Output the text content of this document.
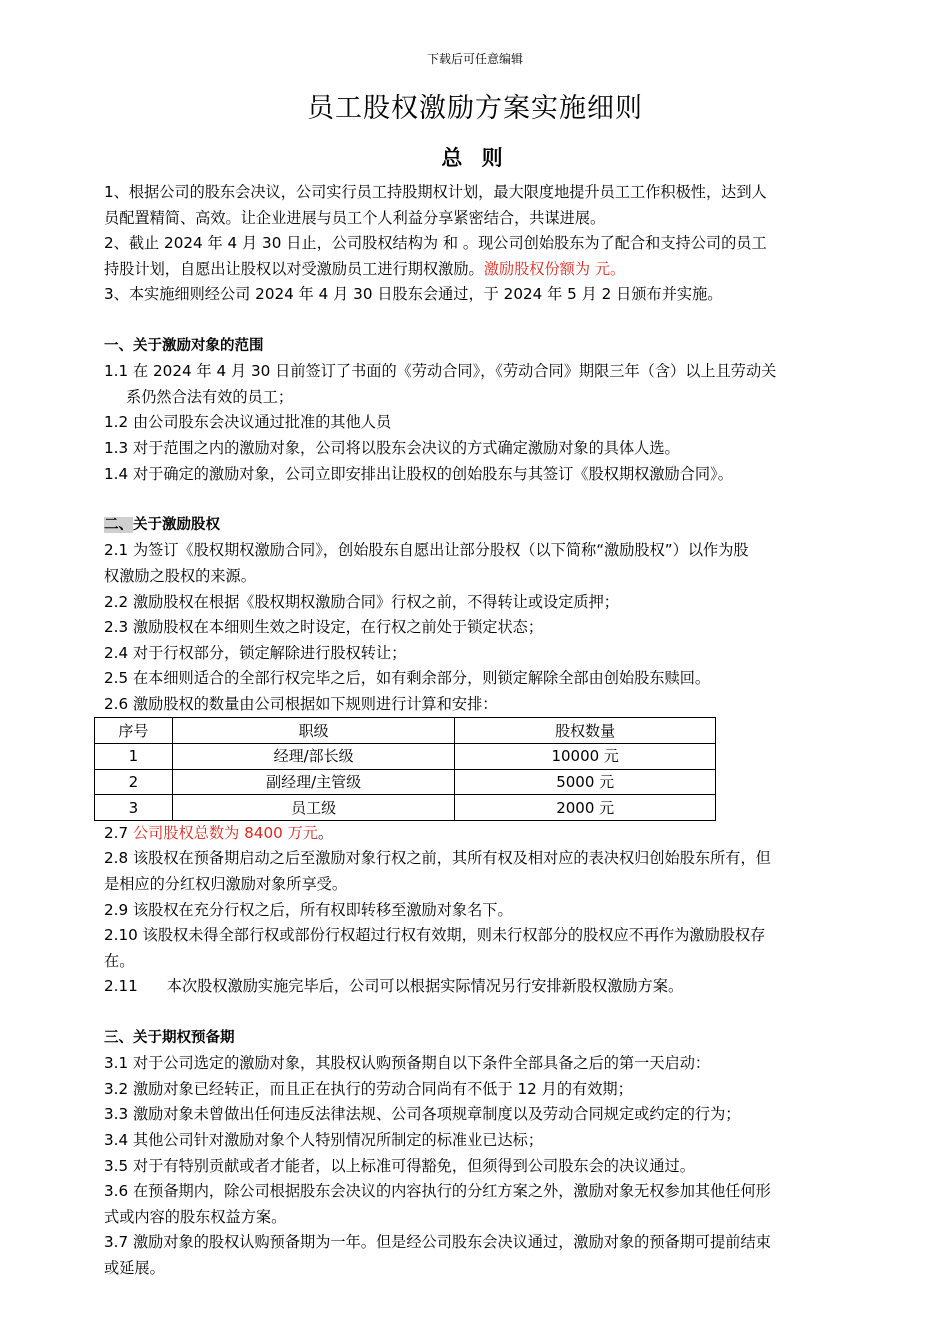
下载后可任意编辑
员工股权激励方案实施细则
总 则
1、根据公司的股东会决议，公司实行员工持股期权计划，最大限度地提升员工工作积极性，达到人
员配置精简、高效。让企业进展与员工个人利益分享紧密结合，共谋进展。
2、截止 2024 年 4 月 30 日止，公司股权结构为 和 。现公司创始股东为了配合和支持公司的员工
持股计划，自愿出让股权以对受激励员工进行期权激励。激励股权份额为 元。
3、本实施细则经公司 2024 年 4 月 30 日股东会通过，于 2024 年 5 月 2 日颁布并实施。
一、关于激励对象的范围
1.1 在 2024 年 4 月 30 日前签订了书面的《劳动合同》，《劳动合同》期限三年（含）以上且劳动关
系仍然合法有效的员工；
1.2 由公司股东会决议通过批准的其他人员
1.3 对于范围之内的激励对象，公司将以股东会决议的方式确定激励对象的具体人选。
1.4 对于确定的激励对象，公司立即安排出让股权的创始股东与其签订《股权期权激励合同》。
二、关于激励股权
2.1 为签订《股权期权激励合同》，创始股东自愿出让部分股权（以下简称“激励股权”）以作为股
权激励之股权的来源。
2.2 激励股权在根据《股权期权激励合同》行权之前，不得转让或设定质押；
2.3 激励股权在本细则生效之时设定，在行权之前处于锁定状态；
2.4 对于行权部分，锁定解除进行股权转让；
2.5 在本细则适合的全部行权完毕之后，如有剩余部分，则锁定解除全部由创始股东赎回。
2.6 激励股权的数量由公司根据如下规则进行计算和安排：
序号	职级	股权数量
1	经理/部长级	10000 元
2	副经理/主管级	5000 元
3	员工级	2000 元
2.7 公司股权总数为 8400 万元。
2.8 该股权在预备期启动之后至激励对象行权之前，其所有权及相对应的表决权归创始股东所有，但
是相应的分红权归激励对象所享受。
2.9 该股权在充分行权之后，所有权即转移至激励对象名下。
2.10 该股权未得全部行权或部份行权超过行权有效期，则未行权部分的股权应不再作为激励股权存
在。
2.11      本次股权激励实施完毕后，公司可以根据实际情况另行安排新股权激励方案。
三、关于期权预备期
3.1 对于公司选定的激励对象，其股权认购预备期自以下条件全部具备之后的第一天启动：
3.2 激励对象已经转正，而且正在执行的劳动合同尚有不低于 12 月的有效期；
3.3 激励对象未曾做出任何违反法律法规、公司各项规章制度以及劳动合同规定或约定的行为；
3.4 其他公司针对激励对象个人特别情况所制定的标准业已达标；
3.5 对于有特别贡献或者才能者，以上标准可得豁免，但须得到公司股东会的决议通过。
3.6 在预备期内，除公司根据股东会决议的内容执行的分红方案之外，激励对象无权参加其他任何形
式或内容的股东权益方案。
3.7 激励对象的股权认购预备期为一年。但是经公司股东会决议通过，激励对象的预备期可提前结束
或延展。
